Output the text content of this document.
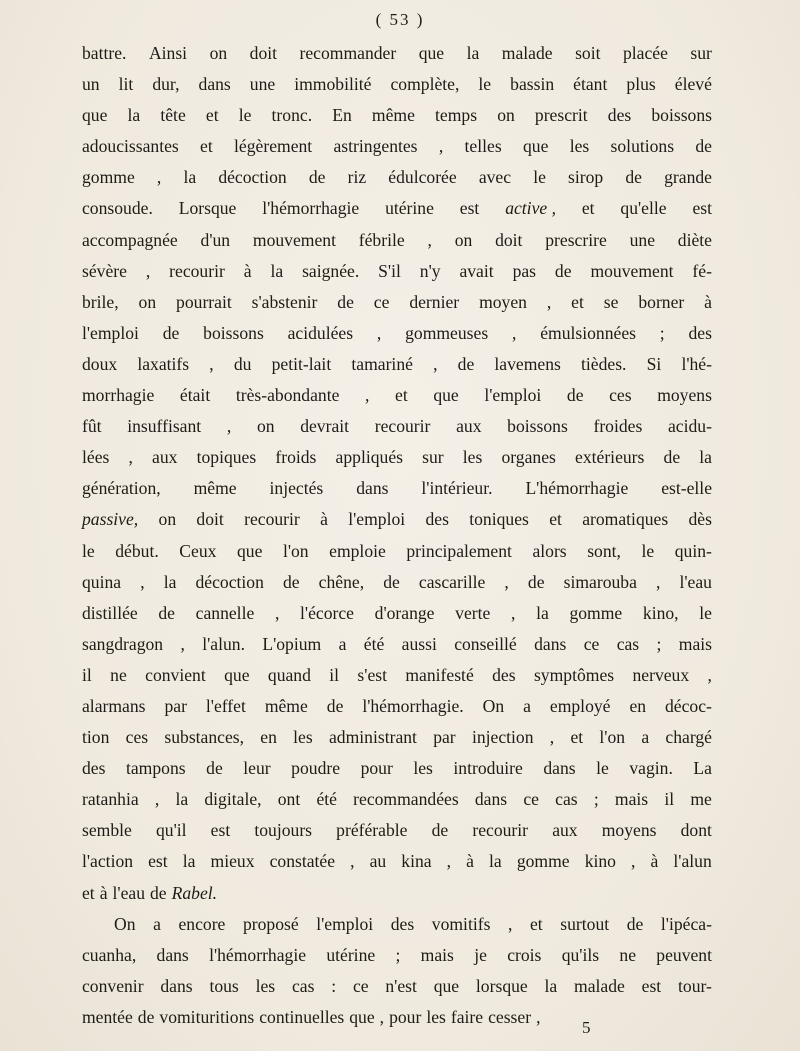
( 53 )
battre. Ainsi on doit recommander que la malade soit placée sur
un lit dur, dans une immobilité complète, le bassin étant plus élevé
que la tête et le tronc. En même temps on prescrit des boissons
adoucissantes et légèrement astringentes , telles que les solutions de
gomme , la décoction de riz édulcorée avec le sirop de grande
consoude. Lorsque l'hémorrhagie utérine est active , et qu'elle est
accompagnée d'un mouvement fébrile , on doit prescrire une diète
sévère , recourir à la saignée. S'il n'y avait pas de mouvement fé-
brile, on pourrait s'abstenir de ce dernier moyen , et se borner à
l'emploi de boissons acidulées , gommeuses , émulsionnées ; des
doux laxatifs , du petit-lait tamariné , de lavemens tièdes. Si l'hé-
morrhagie était très-abondante , et que l'emploi de ces moyens
fût insuffisant , on devrait recourir aux boissons froides acidu-
lées , aux topiques froids appliqués sur les organes extérieurs de la
génération, même injectés dans l'intérieur. L'hémorrhagie est-elle
passive, on doit recourir à l'emploi des toniques et aromatiques dès
le début. Ceux que l'on emploie principalement alors sont, le quin-
quina , la décoction de chêne, de cascarille , de simarouba , l'eau
distillée de cannelle , l'écorce d'orange verte , la gomme kino, le
sangdragon , l'alun. L'opium a été aussi conseillé dans ce cas ; mais
il ne convient que quand il s'est manifesté des symptômes nerveux ,
alarmans par l'effet même de l'hémorrhagie. On a employé en décoc-
tion ces substances, en les administrant par injection , et l'on a chargé
des tampons de leur poudre pour les introduire dans le vagin. La
ratanhia , la digitale, ont été recommandées dans ce cas ; mais il me
semble qu'il est toujours préférable de recourir aux moyens dont
l'action est la mieux constatée , au kina , à la gomme kino , à l'alun
et à l'eau de Rabel.
On a encore proposé l'emploi des vomitifs , et surtout de l'ipéca-
cuanha, dans l'hémorrhagie utérine ; mais je crois qu'ils ne peuvent
convenir dans tous les cas : ce n'est que lorsque la malade est tour-
mentée de vomituritions continuelles que , pour les faire cesser ,
5
